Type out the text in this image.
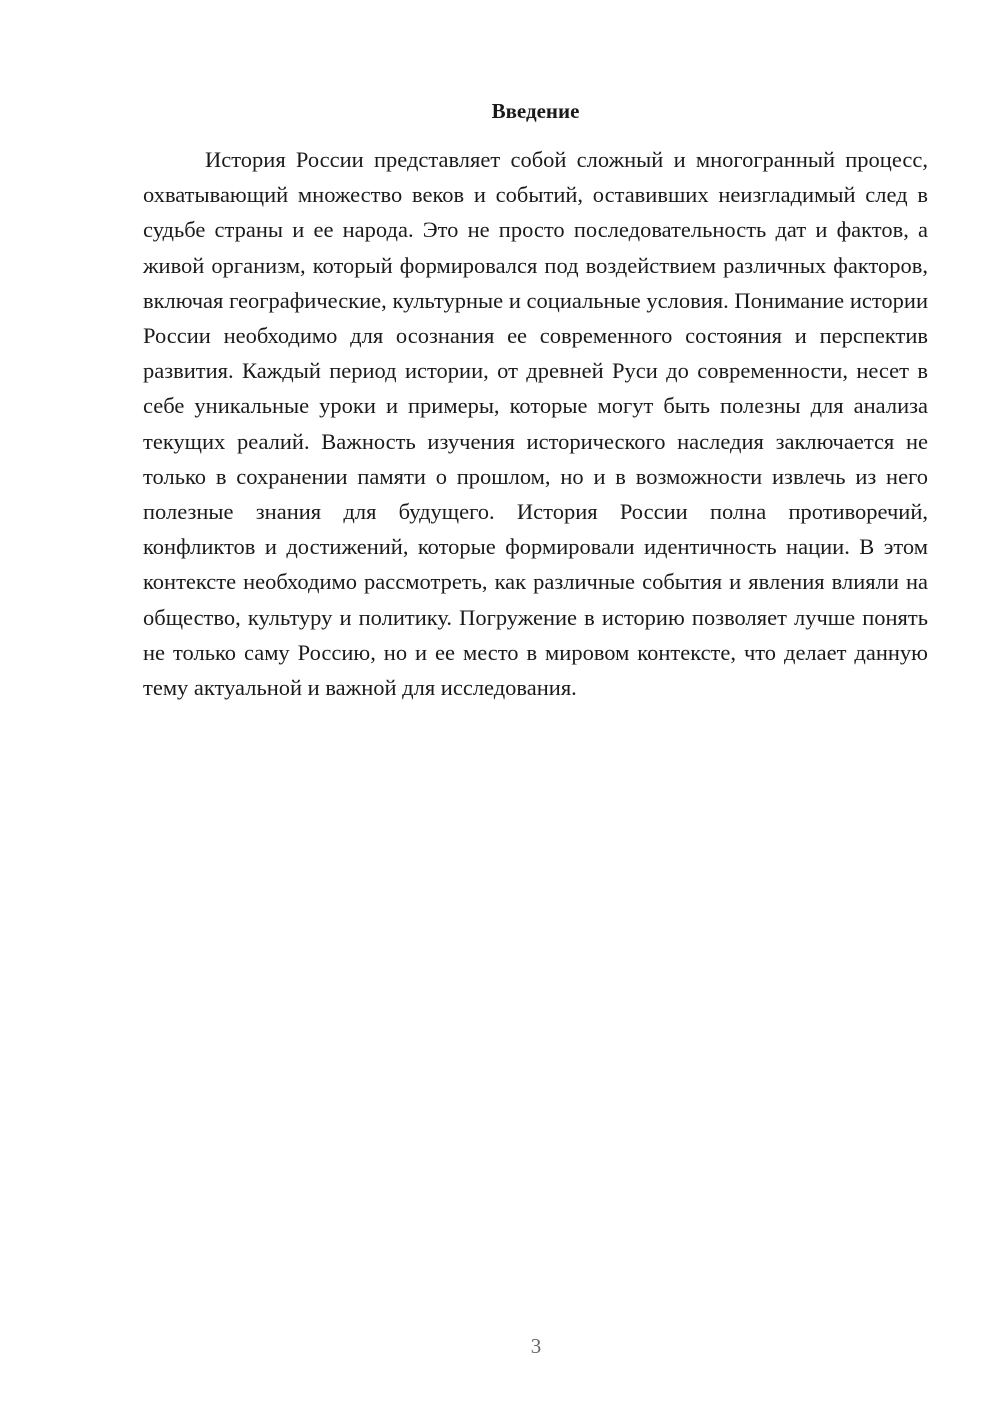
Введение

История России представляет собой сложный и многогранный процесс, охватывающий множество веков и событий, оставивших неизгладимый след в судьбе страны и ее народа. Это не просто последовательность дат и фактов, а живой организм, который формировался под воздействием различных факторов, включая географические, культурные и социальные условия. Понимание истории России необходимо для осознания ее современного состояния и перспектив развития. Каждый период истории, от древней Руси до современности, несет в себе уникальные уроки и примеры, которые могут быть полезны для анализа текущих реалий. Важность изучения исторического наследия заключается не только в сохранении памяти о прошлом, но и в возможности извлечь из него полезные знания для будущего. История России полна противоречий, конфликтов и достижений, которые формировали идентичность нации. В этом контексте необходимо рассмотреть, как различные события и явления влияли на общество, культуру и политику. Погружение в историю позволяет лучше понять не только саму Россию, но и ее место в мировом контексте, что делает данную тему актуальной и важной для исследования.

3
